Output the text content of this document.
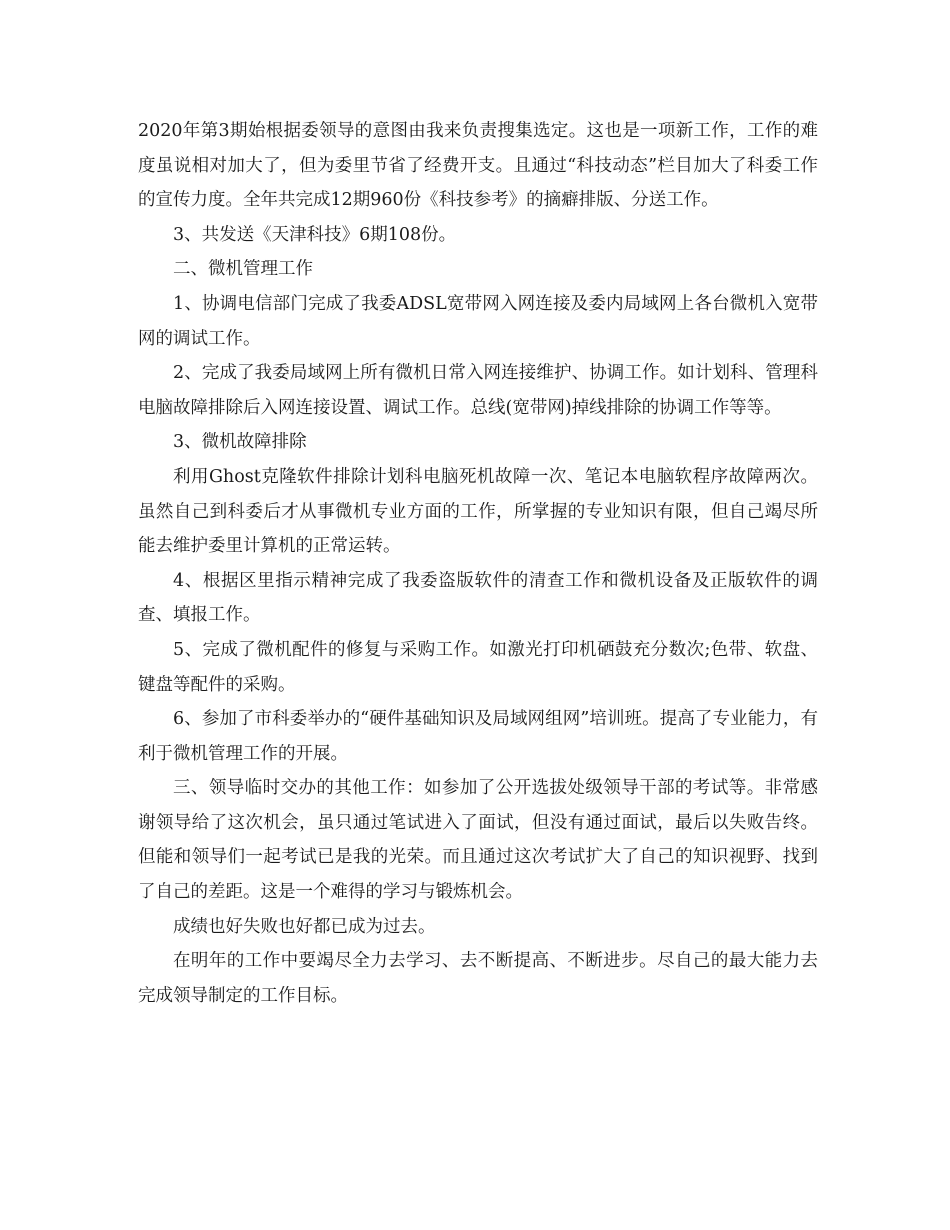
2020年第3期始根据委领导的意图由我来负责搜集选定。这也是一项新工作，工作的难度虽说相对加大了，但为委里节省了经费开支。且通过“科技动态”栏目加大了科委工作的宣传力度。全年共完成12期960份《科技参考》的摘癖排版、分送工作。

3、共发送《天津科技》6期108份。

二、微机管理工作

1、协调电信部门完成了我委ADSL宽带网入网连接及委内局域网上各台微机入宽带网的调试工作。

2、完成了我委局域网上所有微机日常入网连接维护、协调工作。如计划科、管理科电脑故障排除后入网连接设置、调试工作。总线(宽带网)掉线排除的协调工作等等。

3、微机故障排除

利用Ghost克隆软件排除计划科电脑死机故障一次、笔记本电脑软程序故障两次。虽然自己到科委后才从事微机专业方面的工作，所掌握的专业知识有限，但自己竭尽所能去维护委里计算机的正常运转。

4、根据区里指示精神完成了我委盗版软件的清查工作和微机设备及正版软件的调查、填报工作。

5、完成了微机配件的修复与采购工作。如激光打印机硒鼓充分数次;色带、软盘、键盘等配件的采购。

6、参加了市科委举办的“硬件基础知识及局域网组网”培训班。提高了专业能力，有利于微机管理工作的开展。

三、领导临时交办的其他工作：如参加了公开选拔处级领导干部的考试等。非常感谢领导给了这次机会，虽只通过笔试进入了面试，但没有通过面试，最后以失败告终。但能和领导们一起考试已是我的光荣。而且通过这次考试扩大了自己的知识视野、找到了自己的差距。这是一个难得的学习与锻炼机会。

成绩也好失败也好都已成为过去。

在明年的工作中要竭尽全力去学习、去不断提高、不断进步。尽自己的最大能力去完成领导制定的工作目标。
